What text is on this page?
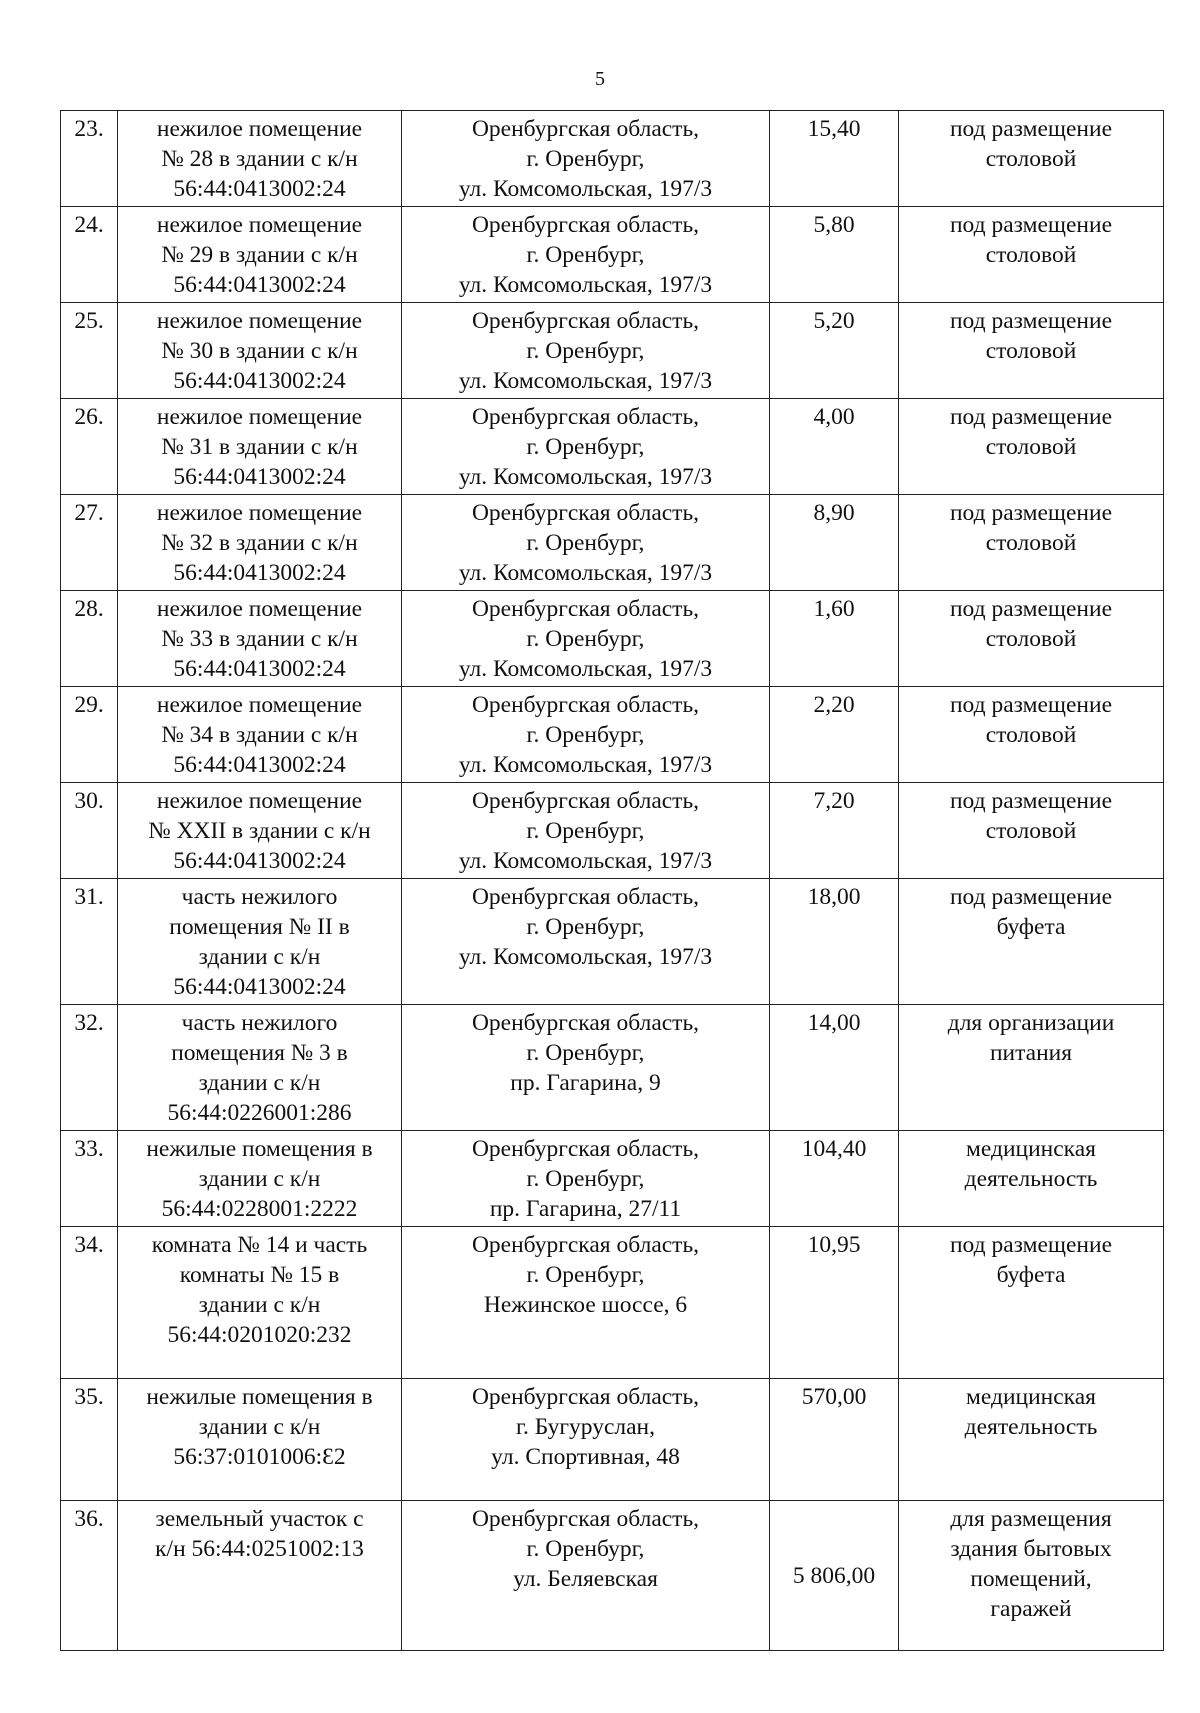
5
23.	нежилое помещение
№ 28 в здании с к/н
56:44:0413002:24	Оренбургская область,
г. Оренбург,
ул. Комсомольская, 197/3	15,40	под размещение
столовой
24.	нежилое помещение
№ 29 в здании с к/н
56:44:0413002:24	Оренбургская область,
г. Оренбург,
ул. Комсомольская, 197/3	5,80	под размещение
столовой
25.	нежилое помещение
№ 30 в здании с к/н
56:44:0413002:24	Оренбургская область,
г. Оренбург,
ул. Комсомольская, 197/3	5,20	под размещение
столовой
26.	нежилое помещение
№ 31 в здании с к/н
56:44:0413002:24	Оренбургская область,
г. Оренбург,
ул. Комсомольская, 197/3	4,00	под размещение
столовой
27.	нежилое помещение
№ 32 в здании с к/н
56:44:0413002:24	Оренбургская область,
г. Оренбург,
ул. Комсомольская, 197/3	8,90	под размещение
столовой
28.	нежилое помещение
№ 33 в здании с к/н
56:44:0413002:24	Оренбургская область,
г. Оренбург,
ул. Комсомольская, 197/3	1,60	под размещение
столовой
29.	нежилое помещение
№ 34 в здании с к/н
56:44:0413002:24	Оренбургская область,
г. Оренбург,
ул. Комсомольская, 197/3	2,20	под размещение
столовой
30.	нежилое помещение
№ XXII в здании с к/н
56:44:0413002:24	Оренбургская область,
г. Оренбург,
ул. Комсомольская, 197/3	7,20	под размещение
столовой
31.	часть нежилого
помещения № II в
здании с к/н
56:44:0413002:24	Оренбургская область,
г. Оренбург,
ул. Комсомольская, 197/3	18,00	под размещение
буфета
32.	часть нежилого
помещения № 3 в
здании с к/н
56:44:0226001:286	Оренбургская область,
г. Оренбург,
пр. Гагарина, 9	14,00	для организации
питания
33.	нежилые помещения в
здании с к/н
56:44:0228001:2222	Оренбургская область,
г. Оренбург,
пр. Гагарина, 27/11	104,40	медицинская
деятельность
34.	комната № 14 и часть
комнаты № 15 в
здании с к/н
56:44:0201020:232	Оренбургская область,
г. Оренбург,
Нежинское шоссе, 6	10,95	под размещение
буфета
35.	нежилые помещения в
здании с к/н
56:37:0101006:Ɛ2	Оренбургская область,
г. Бугуруслан,
ул. Спортивная, 48	570,00	медицинская
деятельность
36.	земельный участок с
к/н 56:44:0251002:13	Оренбургская область,
г. Оренбург,
ул. Беляевская	5 806,00	для размещения
здания бытовых
помещений,
гаражей
